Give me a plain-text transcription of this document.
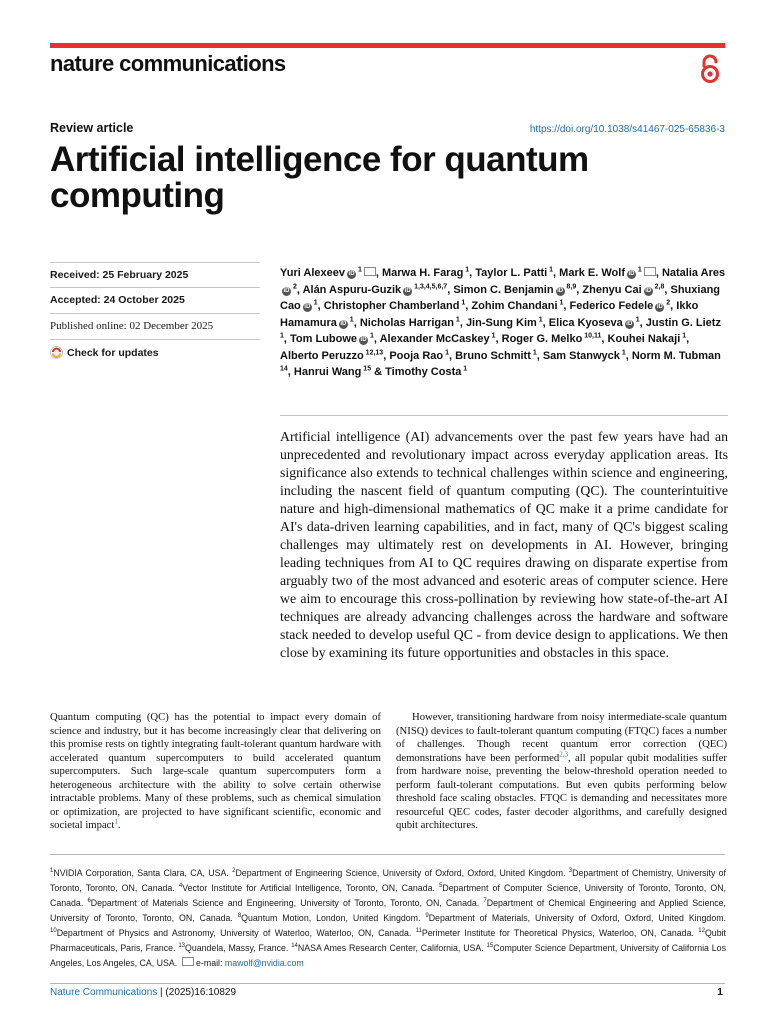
nature communications
Review article	https://doi.org/10.1038/s41467-025-65836-3
Artificial intelligence for quantum computing
Received: 25 February 2025
Accepted: 24 October 2025
Published online: 02 December 2025
Check for updates

Yuri Alexeev iD $^1$ , Marwa H. Farag $^1$, Taylor L. Patti $^1$, Mark E. Wolf iD $^1$ , Natalia AresiD $^2$, Alán Aspuru-Guzik iD $^{1,3,4,5,6,7}$, Simon C. Benjamin iD $^{8,9}$, Zhenyu Cai iD $^{2,8}$, Shuxiang Cao iD $^1$, Christopher Chamberland $^1$, Zohim Chandani $^1$, Federico Fedele iD $^2$, Ikko Hamamura iD $^1$, Nicholas Harrigan $^1$, Jin-Sung Kim $^1$, Elica Kyoseva iD $^1$, Justin G. Lietz $^1$, Tom Lubowe iD $^1$, Alexander McCaskey $^1$, Roger G. Melko $^{10,11}$, Kouhei Nakaji $^1$, Alberto Peruzzo $^{12,13}$, Pooja Rao $^1$, Bruno Schmitt $^1$, Sam Stanwyck $^1$, Norm M. Tubman $^{14}$, Hanrui Wang $^{15}$ & Timothy Costa $^1$

Artificial intelligence (AI) advancements over the past few years have had an unprecedented and revolutionary impact across everyday application areas. Its significance also extends to technical challenges within science and engineering, including the nascent field of quantum computing (QC). The counterintuitive nature and high-dimensional mathematics of QC make it a prime candidate for AI's data-driven learning capabilities, and in fact, many of QC's biggest scaling challenges may ultimately rest on developments in AI. However, bringing leading techniques from AI to QC requires drawing on disparate expertise from arguably two of the most advanced and esoteric areas of computer science. Here we aim to encourage this cross-pollination by reviewing how state-of-the-art AI techniques are already advancing challenges across the hardware and software stack needed to develop useful QC - from device design to applications. We then close by examining its future opportunities and obstacles in this space.

Quantum computing (QC) has the potential to impact every domain of science and industry, but it has become increasingly clear that delivering on this promise rests on tightly integrating fault-tolerant quantum hardware with accelerated quantum supercomputers to build accelerated quantum supercomputers. Such large-scale quantum supercomputers form a heterogeneous architecture with the ability to solve certain otherwise intractable problems. Many of these problems, such as chemical simulation or optimization, are projected to have significant scientific, economic and societal impact$^1$.

However, transitioning hardware from noisy intermediate-scale quantum (NISQ) devices to fault-tolerant quantum computing (FTQC) faces a number of challenges. Though recent quantum error correction (QEC) demonstrations have been performed$^{2,3}$, all popular qubit modalities suffer from hardware noise, preventing the below-threshold operation needed to perform fault-tolerant computations. But even qubits performing below threshold face scaling obstacles. FTQC is demanding and necessitates more resourceful QEC codes, faster decoder algorithms, and carefully designed qubit architectures.

$^1$NVIDIA Corporation, Santa Clara, CA, USA. $^2$Department of Engineering Science, University of Oxford, Oxford, United Kingdom. $^3$Department of Chemistry, University of Toronto, Toronto, ON, Canada. $^4$Vector Institute for Artificial Intelligence, Toronto, ON, Canada. $^5$Department of Computer Science, University of Toronto, Toronto, ON, Canada. $^6$Department of Materials Science and Engineering, University of Toronto, Toronto, ON, Canada. $^7$Department of Chemical Engineering and Applied Science, University of Toronto, Toronto, ON, Canada. $^8$Quantum Motion, London, United Kingdom. $^9$Department of Materials, University of Oxford, Oxford, United Kingdom. $^{10}$Department of Physics and Astronomy, University of Waterloo, Waterloo, ON, Canada. $^{11}$Perimeter Institute for Theoretical Physics, Waterloo, ON, Canada. $^{12}$Qubit Pharmaceuticals, Paris, France. $^{13}$Quandela, Massy, France. $^{14}$NASA Ames Research Center, California, USA. $^{15}$Computer Science Department, University of California Los Angeles, Los Angeles, CA, USA.  e-mail: mawolf@nvidia.com

Nature Communications | (2025)16:10829	1
